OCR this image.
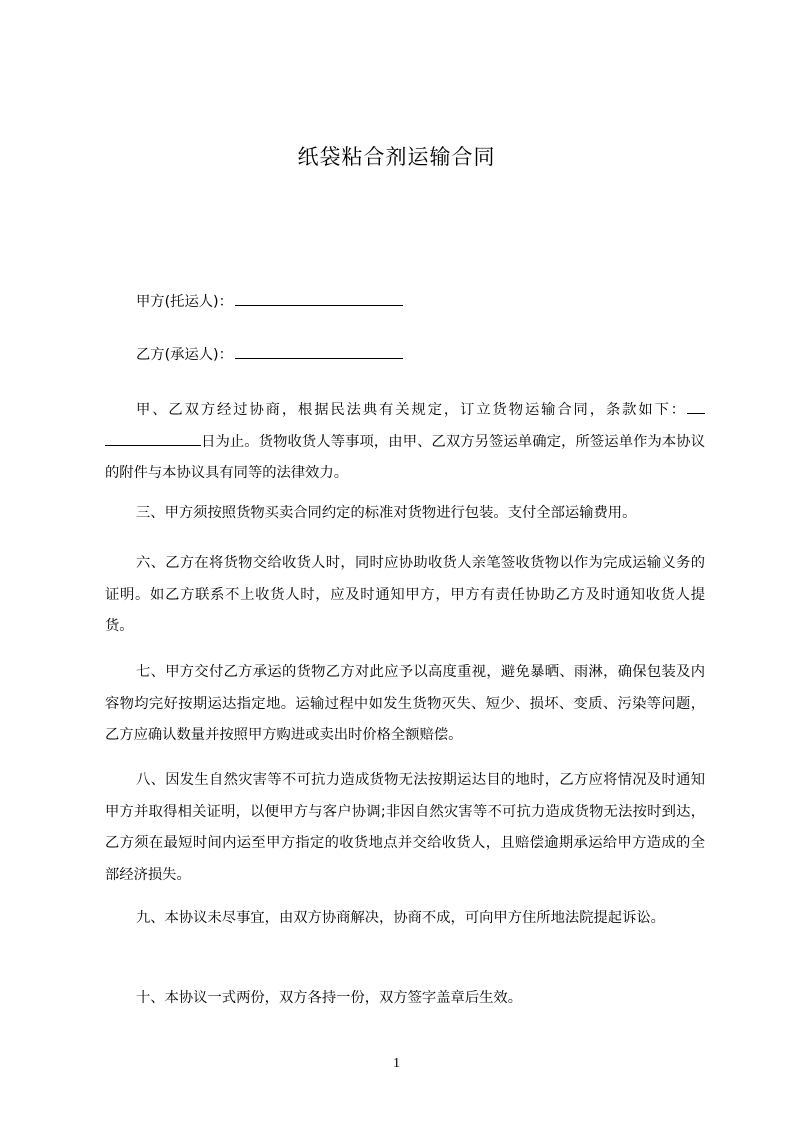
纸袋粘合剂运输合同
甲方(托运人)：
乙方(承运人)：
甲、乙双方经过协商，根据民法典有关规定，订立货物运输合同，条款如下：日为止。货物收货人等事项，由甲、乙双方另签运单确定，所签运单作为本协议的附件与本协议具有同等的法律效力。
三、甲方须按照货物买卖合同约定的标准对货物进行包装。支付全部运输费用。
六、乙方在将货物交给收货人时，同时应协助收货人亲笔签收货物以作为完成运输义务的证明。如乙方联系不上收货人时，应及时通知甲方，甲方有责任协助乙方及时通知收货人提货。
七、甲方交付乙方承运的货物乙方对此应予以高度重视，避免暴晒、雨淋，确保包装及内容物均完好按期运达指定地。运输过程中如发生货物灭失、短少、损坏、变质、污染等问题，乙方应确认数量并按照甲方购进或卖出时价格全额赔偿。
八、因发生自然灾害等不可抗力造成货物无法按期运达目的地时，乙方应将情况及时通知甲方并取得相关证明，以便甲方与客户协调;非因自然灾害等不可抗力造成货物无法按时到达，乙方须在最短时间内运至甲方指定的收货地点并交给收货人，且赔偿逾期承运给甲方造成的全部经济损失。
九、本协议未尽事宜，由双方协商解决，协商不成，可向甲方住所地法院提起诉讼。
十、本协议一式两份，双方各持一份，双方签字盖章后生效。
1
